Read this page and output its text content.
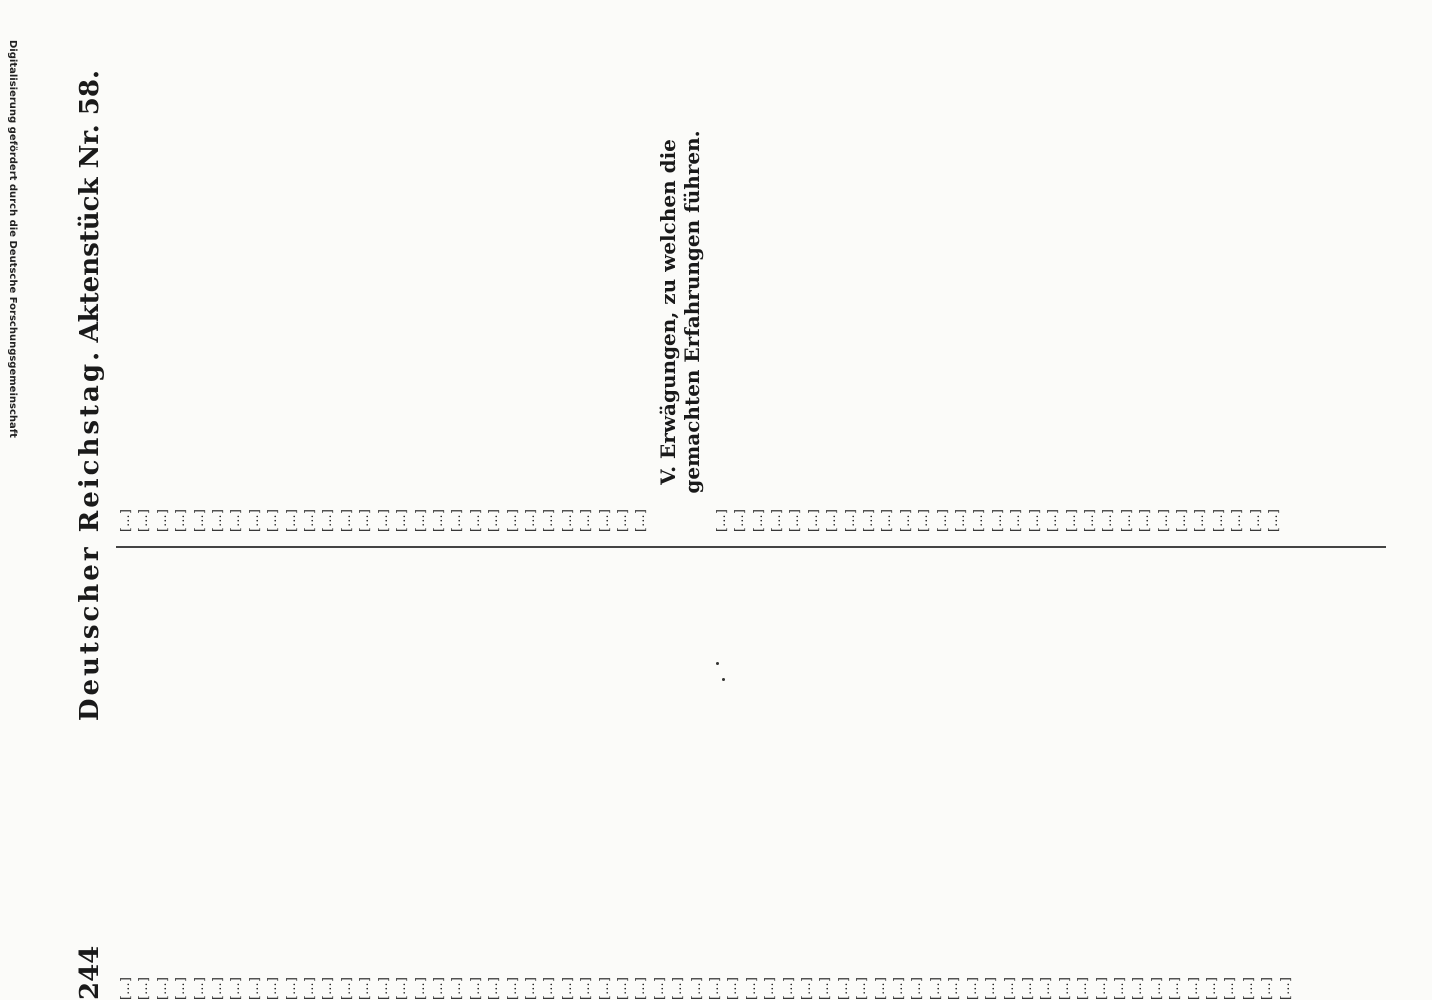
Digitalisierung gefördert durch die Deutsche Forschungsgemeinschaft
244
Deutscher Reichstag.
Aktenstück Nr. 58.
[…] […] […] […] […] […] […] […] […] […] […] […] […] […] […] […] […] […] […] […] […] […] […] […] […] […] […] […] […] […] […] […] […] […] […] […] […] […] […] […] […] […] […] […] […] […] […] […] […] […] […] […] […] […] […] […] […] […] […] […] […] […] […] […]
[…] […] […] […] […] […] […] […] […] […] […] […] […] […] […] […] […] […] […] […] […] […] […] […] […] […] […] […] […]
V. Erwägungen, zu welchen die gemachten Erfahrungen führen.
[…] […] […] […] […] […] […] […] […] […] […] […] […] […] […] […] […] […] […] […] […] […] […] […] […] […] […] […] […] […] […]
